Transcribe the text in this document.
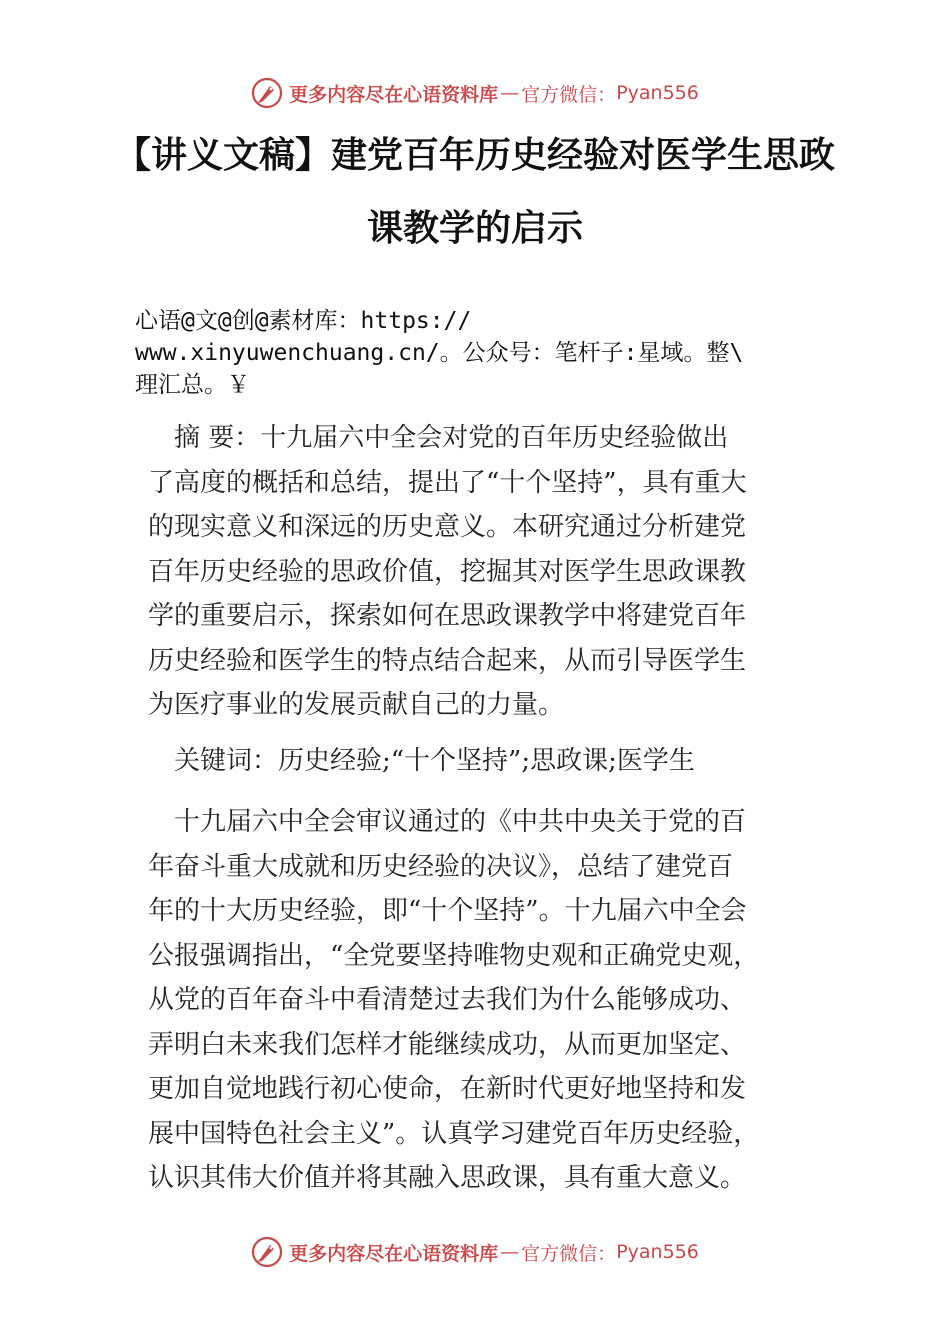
更多内容尽在心语资料库 — 官方微信： Pyan556
【讲义文稿】建党百年历史经验对医学生思政
课教学的启示
心语@文@创@素材库：https://
www.xinyuwenchuang.cn/。公众号：笔杆子:星域。整\
理汇总。￥
　摘 要：十九届六中全会对党的百年历史经验做出
了高度的概括和总结，提出了“十个坚持”，具有重大
的现实意义和深远的历史意义。本研究通过分析建党
百年历史经验的思政价值，挖掘其对医学生思政课教
学的重要启示，探索如何在思政课教学中将建党百年
历史经验和医学生的特点结合起来，从而引导医学生
为医疗事业的发展贡献自己的力量。
　关键词：历史经验;“十个坚持”;思政课;医学生
　十九届六中全会审议通过的《中共中央关于党的百
年奋斗重大成就和历史经验的决议》，总结了建党百
年的十大历史经验，即“十个坚持”。十九届六中全会
公报强调指出，“全党要坚持唯物史观和正确党史观，
从党的百年奋斗中看清楚过去我们为什么能够成功、
弄明白未来我们怎样才能继续成功，从而更加坚定、
更加自觉地践行初心使命，在新时代更好地坚持和发
展中国特色社会主义”。认真学习建党百年历史经验，
认识其伟大价值并将其融入思政课，具有重大意义。
更多内容尽在心语资料库 — 官方微信： Pyan556
